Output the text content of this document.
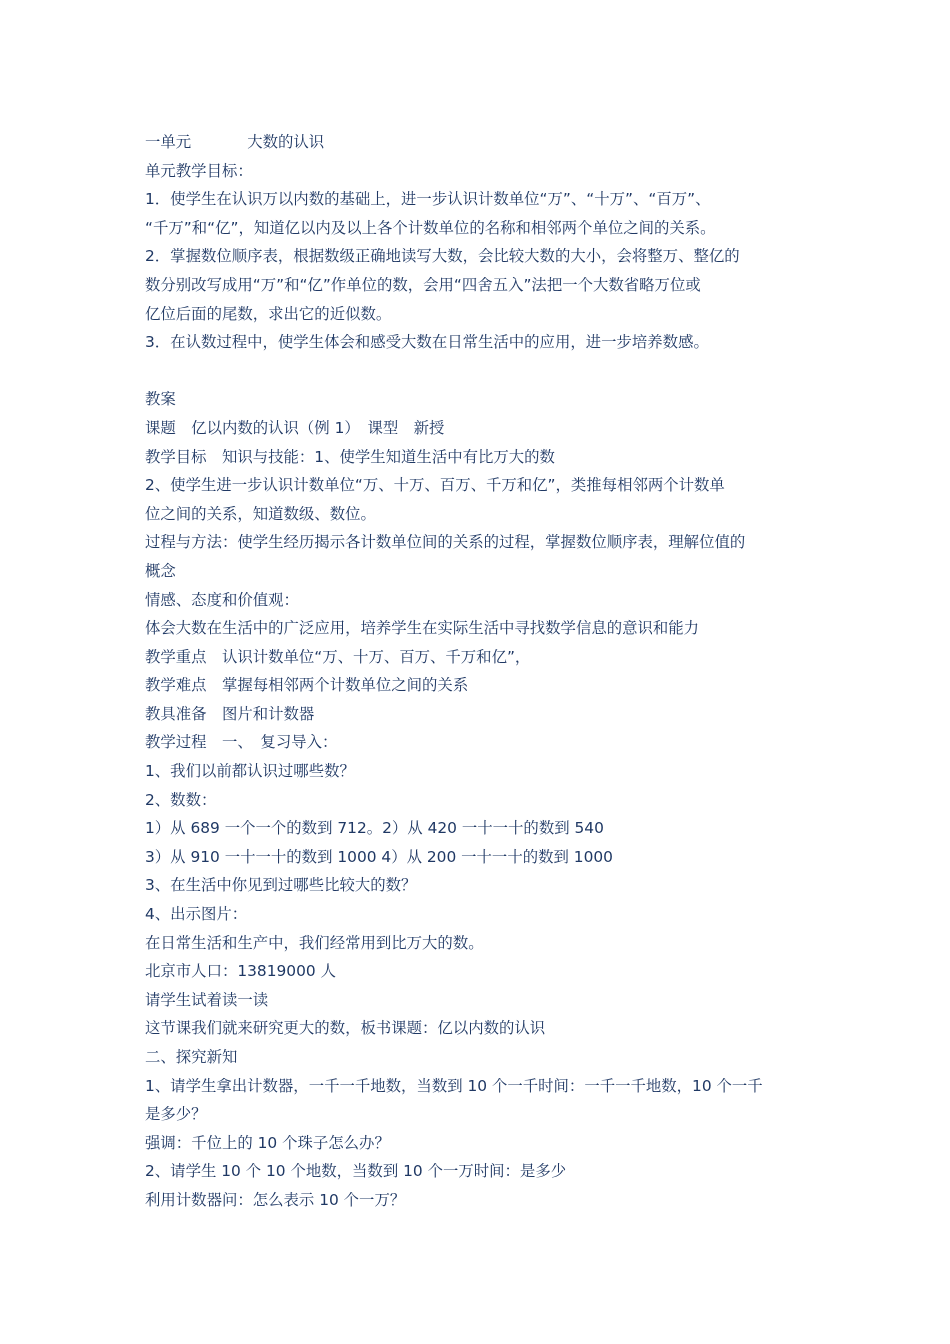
一单元	大数的认识
单元教学目标：
1．使学生在认识万以内数的基础上，进一步认识计数单位“万”、“十万”、“百万”、
“千万”和“亿”，知道亿以内及以上各个计数单位的名称和相邻两个单位之间的关系。
2．掌握数位顺序表，根据数级正确地读写大数，会比较大数的大小，会将整万、整亿的
数分别改写成用“万”和“亿”作单位的数，会用“四舍五入”法把一个大数省略万位或
亿位后面的尾数，求出它的近似数。
3．在认数过程中，使学生体会和感受大数在日常生活中的应用，进一步培养数感。
教案
课题　亿以内数的认识（例 1）　课型　新授
教学目标　知识与技能：1、使学生知道生活中有比万大的数
2、使学生进一步认识计数单位“万、十万、百万、千万和亿”，类推每相邻两个计数单
位之间的关系，知道数级、数位。
过程与方法：使学生经历揭示各计数单位间的关系的过程，掌握数位顺序表，理解位值的
概念
情感、态度和价值观：
体会大数在生活中的广泛应用，培养学生在实际生活中寻找数学信息的意识和能力
教学重点　认识计数单位“万、十万、百万、千万和亿”，
教学难点　掌握每相邻两个计数单位之间的关系
教具准备　图片和计数器
教学过程　一、　复习导入：
1、我们以前都认识过哪些数？
2、数数：
1）从 689 一个一个的数到 712。2）从 420 一十一十的数到 540
3）从 910 一十一十的数到 1000 4）从 200 一十一十的数到 1000
3、在生活中你见到过哪些比较大的数？
4、出示图片：
在日常生活和生产中，我们经常用到比万大的数。
北京市人口：13819000 人
请学生试着读一读
这节课我们就来研究更大的数，板书课题：亿以内数的认识
二、探究新知
1、请学生拿出计数器，一千一千地数，当数到 10 个一千时间：一千一千地数，10 个一千
是多少？
强调：千位上的 10 个珠子怎么办？
2、请学生 10 个 10 个地数，当数到 10 个一万时间：是多少
利用计数器问：怎么表示 10 个一万？
